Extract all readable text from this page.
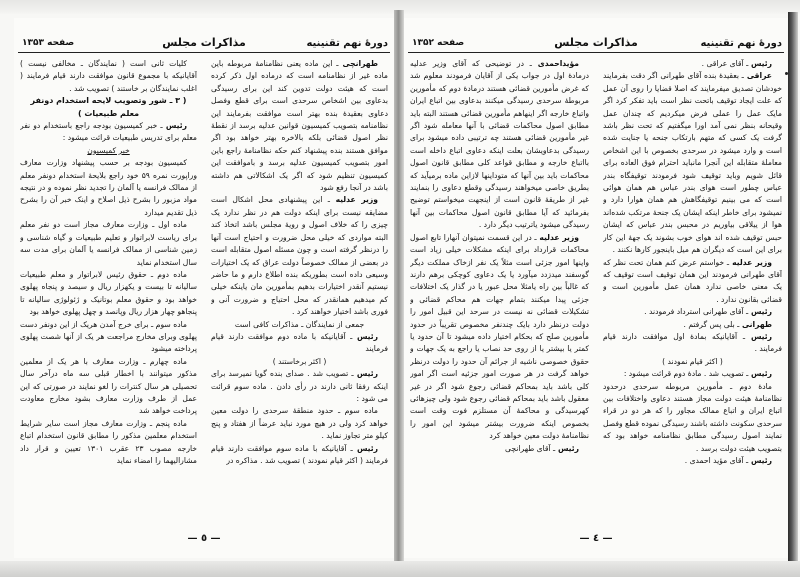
دورهٔ نهم تقنینیه
مذاکرات مجلس
صفحه ۱۳۵۳

طهرانچی ـ این ماده یعنی نظامنامهٔ مربوطه باین ماده غیر از نظامنامه است که درماده اول ذکر کرده است که هیئت دولت تدوین کند این برای رسیدگی بدعاوی بین اشخاص سرحدی است برای قطع وفصل دعاوی بعقیدهٔ بنده بهتر است موافقت بفرمایند این نظامنامه بتصویب کمیسیون قوانین عدلیه برسد از نقطهٔ نظر اصول قضائی بلکه بالاخره بهتر خواهد بود اگر موافق هستند بنده پیشنهاد کنم حکه نظامنامهٔ راجع باین امور بتصویب کمیسیون عدلیه برسد و باموافقت این کمیسیون تنظیم شود که اگر یک اشکالاتی هم داشته باشد در آنجا رفع شود

وزیر عدلیه ـ این پیشنهادی محل اشکال است مضایقه نیست برای اینکه دولت هم در نظر ندارد یک چیزی را که خلاف اصول و رویهٔ مجلس باشد اتخاذ کند البته مواردی که خیلی محل ضرورت و احتیاج است آنها را درنظر گرفته است و چون مسئله اصول متقابله است در بعضی از ممالک خصوصاً دولت عراق که یک اختیارات وسیعی داده است بطوریکه بنده اطلاع دارم و ما حاضر نیستیم آنقدر اختیارات بدهیم بمأمورین مان یاینکه خیلی کم میدهیم همانقدر که محل احتیاج و ضرورت آنی و فوری باشد اختیار خواهند کرد .

جمعی از نمایندگان ـ مذاکرات کافی است

رئیس ـ آقایانیکه با ماده دوم موافقت دارند قیام فرمایند

( اکثر برخاستند )

رئیس ـ تصویب شد . صدای بنده گویا نمیرسد برای اینکه رفقا ثانی دارند در رأی دادن . ماده سوم قرائت می شود :

ماده سوم ـ حدود منطقهٔ سرحدی را دولت معین خواهد کرد ولی در هیچ مورد نباید عرضاً از هفتاد و پنج کیلو متر تجاوز نماید .

رئیس ـ آقایانیکه با ماده سوم موافقت دارند قیام فرمایند ( اکثر قیام نمودند ) تصویب شد . مذاکره در

کلیات ثانی است ( نمایندگان ـ مخالفی نیست ) آقایانیکه با مجموع قانون موافقت دارند قیام فرمایند ( اغلب نمایندگان بر خاستند ) تصویب شد .

( ۳ ـ شور وتصویب لایحه استخدام دونفر معلم طبیعیات )

رئیس ـ خبر کمیسیون بودجه راجع باستخدام دو نفر معلم برای تدریس طبیعیات قرائت میشود :

خبر کمیسیون

کمیسیون بودجه بر حسب پیشنهاد وزارت معارف وراپورت نمره ۵۹ خود راجع بلایحهٔ استخدام دونفر معلم از ممالک فرانسه یا آلمان را تجدید نظر نموده و در نتیجه مواد مزبور را بشرح ذیل اصلاح و اینک خبر آن را بشرح ذیل تقدیم میدارد

ماده اول ـ وزارت معارف مجاز است دو نفر معلم برای ریاست لابراتوار و تعلیم طبیعیات و گیاه شناسی و زمین شناسی از ممالک فرانسه یا آلمان برای مدت سه سال استخدام نماید

ماده دوم ـ حقوق رئیس لابراتوار و معلم طبیعیات سالیانه تا بیست و یکهزار ریال و سیصد و پنجاه پهلوی خواهد بود و حقوق معلم بوتانیک و ژئولوژی سالیانه تا پنجاهو چهار هزار ریال وپانصد و چهل پهلوی خواهد بود

ماده سوم ـ برای خرج آمدن هریک از این دونفر دست پهلوی وبرای مخارج مراجعت هر یک از آنها شصت پهلوی پرداخته میشود

ماده چهارم ـ وزارت معارف با هر یک از معلمین مذکور میتوانند با اخطار قبلی سه ماه درآخر سال تحصیلی هر سال کنترات را لغو نمایند در صورتی که این عمل از طرف وزارت معارف بشود مخارج معاودت پرداخت خواهد شد

ماده پنجم ـ وزارت معارف مجاز است سایر شرایط استخدام معلمین مذکور را مطابق قانون استخدام اتباع خارجه مصوب ۲۳ عقرب ۱۳۰۱ تعیین و قرار داد مشارالیهما را امضاء نماید

— ٥ —
دورهٔ نهم تقنینیه
مذاکرات مجلس
صفحه ۱۳۵۲

رئیس ـ آقای عراقی .

عراقی ـ بعقیدهٔ بنده آقای طهرانی اگر دقت بفرمایند خودشان تصدیق میفرمایند که اصلا قضایا را روی آن عمل که علت ایجاد توقیف باتحت نظر است باید تفکر کرد اگر مایک عمل را عملی فرض میکردیم که چندان عمل وقیحانه بنظر نمی آمد اورا میگفتیم که تحت نظر باشد گرفت یک کسی که متهم بارتکاب جنحه یا جنایت شده است و وارد میشود در سرحدی بخصوص با این اشخاص معاملهٔ متقابله این آنجرا مانباید احترام فوق العاده برای قائل شویم وباید توقیف شود فرمودند توقیفگاه بندر عباس چطور است هوای بندر عباس هم همان هوائی است که می بینیم توقیفگاهش هم همان هوارا دارد و نمیشود برای خاطر اینکه ایشان یک جنحهٔ مرتکب شده‌اند هوا از ییلاقی بیاوریم در محبس بندر عباس که ایشان حبس توقیف شده اند هوای خوب بشوند یک جههٔ این کار برای این است که دیگران هم میل باینجور کارها نکنند .

وزیر عدلیه ـ خواستم عرض کنم همان تحت نظر که آقای طهرانی فرمودند این همان توقیف است توقیف که یک معنی خاصی ندارد همان عمل مأمورین است و قضائی بقانون ندارد .

رئیس ـ آقای طهرانی استرداد فرمودند .

طهرانی ـ بلی پس گرفتم .

رئیس ـ آقایانیکه بمادهٔ اول موافقت دارند قیام فرمایند .

( اکثر قیام نمودند )

رئیس ـ تصویب شد . مادهٔ دوم قرائت میشود :

مادهٔ دوم ـ مأمورین مربوطه سرحدی درحدود نظامنامهٔ هیئت دولت مجاز هستند دعاوی واختلافات بین اتباع ایران و اتباع ممالک مجاور را که هر دو در قراء سرحدی سکونت داشته باشند رسیدگی نموده قطع وفصل نمایند اصول رسیدگی مطابق نظامنامه خواهد بود که بتصویب هیئت دولت برسد .

رئیس ـ آقای مؤید احمدی .

مؤیداحمدی ـ در توضیحی که آقای وزیر عدلیه درمادهٔ اول در جواب یکی از آقایان فرمودند معلوم شد که غرض مأمورین قضائی هستند درمادهٔ دوم که مأمورین مربوطهٔ سرحدی رسیدگی میکنند بدعاوی بین اتباع ایران واتباع خارجه اگر اینهاهم مأمورین قضائی هستند البته باید مطابق اصول محاکمات قضائی با آنها معامله شود اگر غیر مأمورین قضائی هستند چه ترتیبی داده میشود برای رسیدگی بدعاویشان بعلت اینکه دعاوی اتباع داخله است بااتباع خارجه و مطابق قواعد کلی مطابق قانون اصول محاکمات باید بین آنها که متوداینها لازاین ماده برمیآید که بطریق خاصی میخواهند رسیدگی وقطع دعاوی را بنمایند غیر از طریقهٔ قانون است از اینجهت میخواستم توضیح بفرمائید که آیا مطابق قانون اصول محاکمات بین آنها رسیدگی میشود یاترتیب دیگر دارد .

وزیر عدلیه ـ در این قسمت نمیتوان آنهارا تابع اصول محاکمات قرارداد برای اینکه مشکلات خیلی زیاد است واینها امور جزئی است مثلاً یک نفر ازخاک مملکت دیگر گوسفند میدزدد میآورد یا یک دعاوی کوچکی برهم دارند که غالباً بین راه یامثلا محل عبور یا در گذار یک اختلافات جزئی پیدا میکنند بتمام جهات هم محاکم قضائی و تشکیلات قضائی نه نیست در سرحد این قبیل امور را دولت درنظر دارد بایک چندنفر مخصوص تقریباً در حدود مأمورین صلح که بحکام اختیار داده میشود تا آن حدود یا کمتر یا بیشتر یا از روی حد نصاب یا راجع به یک جهات و حقوق خصوصی ناشیه از جرائم آن حدود را دولت درنظر خواهد گرفت در هر صورت امور جزئیه است اگر امور کلی باشد باید بمحاکم قضائی رجوع شود اگر در غیر معقول باشد باید بمحاکم قضائی رجوع شود ولی چیزهائی کهرسیدگی و محاکمهٔ آن مستلزم فوت وقت است بخصوص اینکه ضرورت بیشتر میشود این امور را نظامنامهٔ دولت معین خواهد کرد

رئیس ـ آقای طهرانچی

— ٤ —
